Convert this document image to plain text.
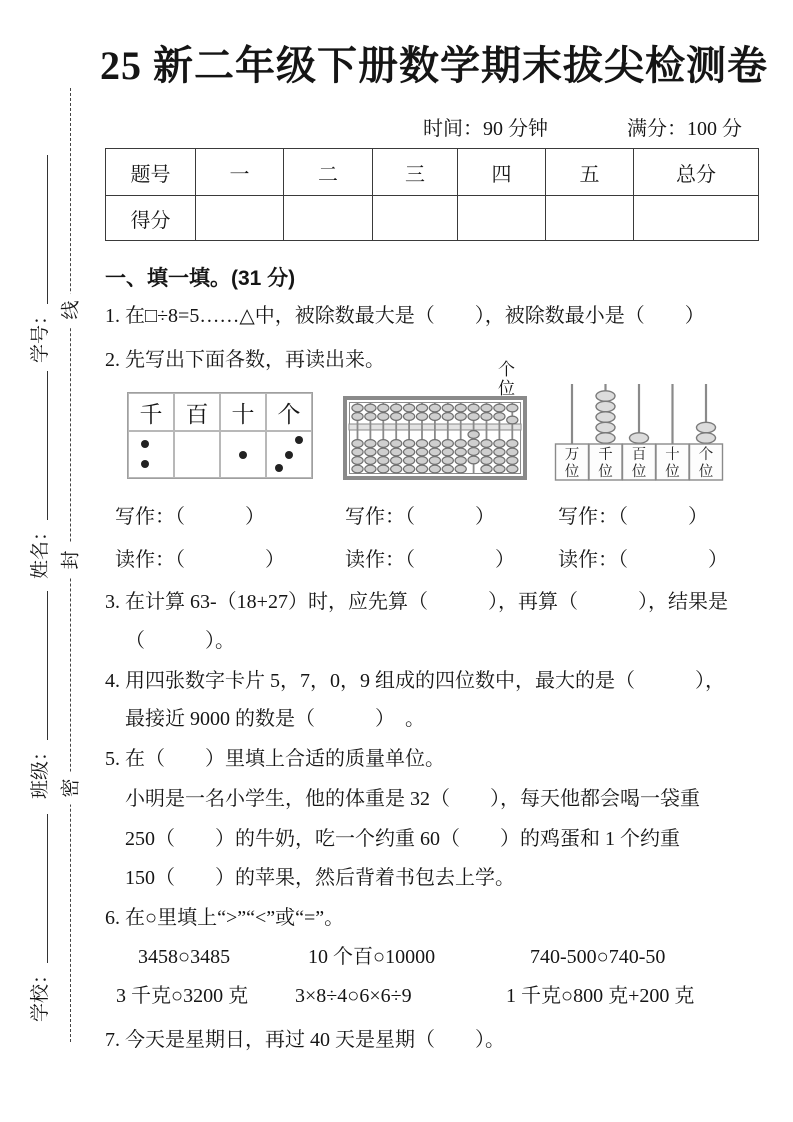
线
封
密
学号：
姓名：
班级：
学校：
25 新二年级下册数学期末拔尖检测卷
时间：90 分钟	满分：100 分
题号	一	二	三	四	五	总分
得分						
一、填一填。(31 分)
1. 在□÷8=5……△中，被除数最大是（　　），被除数最小是（　　）
2. 先写出下面各数，再读出来。
千	百	十	个
个位
万
位
千
位
百
位
十
位
个
位
写作：（　　　）	写作：（　　　）	写作：（　　　）
读作：（　　　　）	读作：（　　　　） 读作：（　　　　）
3. 在计算 63-（18+27）时，应先算（　　　），再算（　　　），结果是
（　　　）。
4. 用四张数字卡片 5，7，0，9 组成的四位数中，最大的是（　　　），
最接近 9000 的数是（　　　）　。
5. 在（　　）里填上合适的质量单位。
小明是一名小学生，他的体重是 32（　　），每天他都会喝一袋重
250（　　）的牛奶，吃一个约重 60（　　）的鸡蛋和 1 个约重
150（　　）的苹果，然后背着书包去上学。
6. 在○里填上“>”“<”或“=”。
3458○3485	10 个百○10000	740-500○740-50
3 千克○3200 克 3×8÷4○6×6÷9	1 千克○800 克+200 克
7. 今天是星期日，再过 40 天是星期（　　）。
